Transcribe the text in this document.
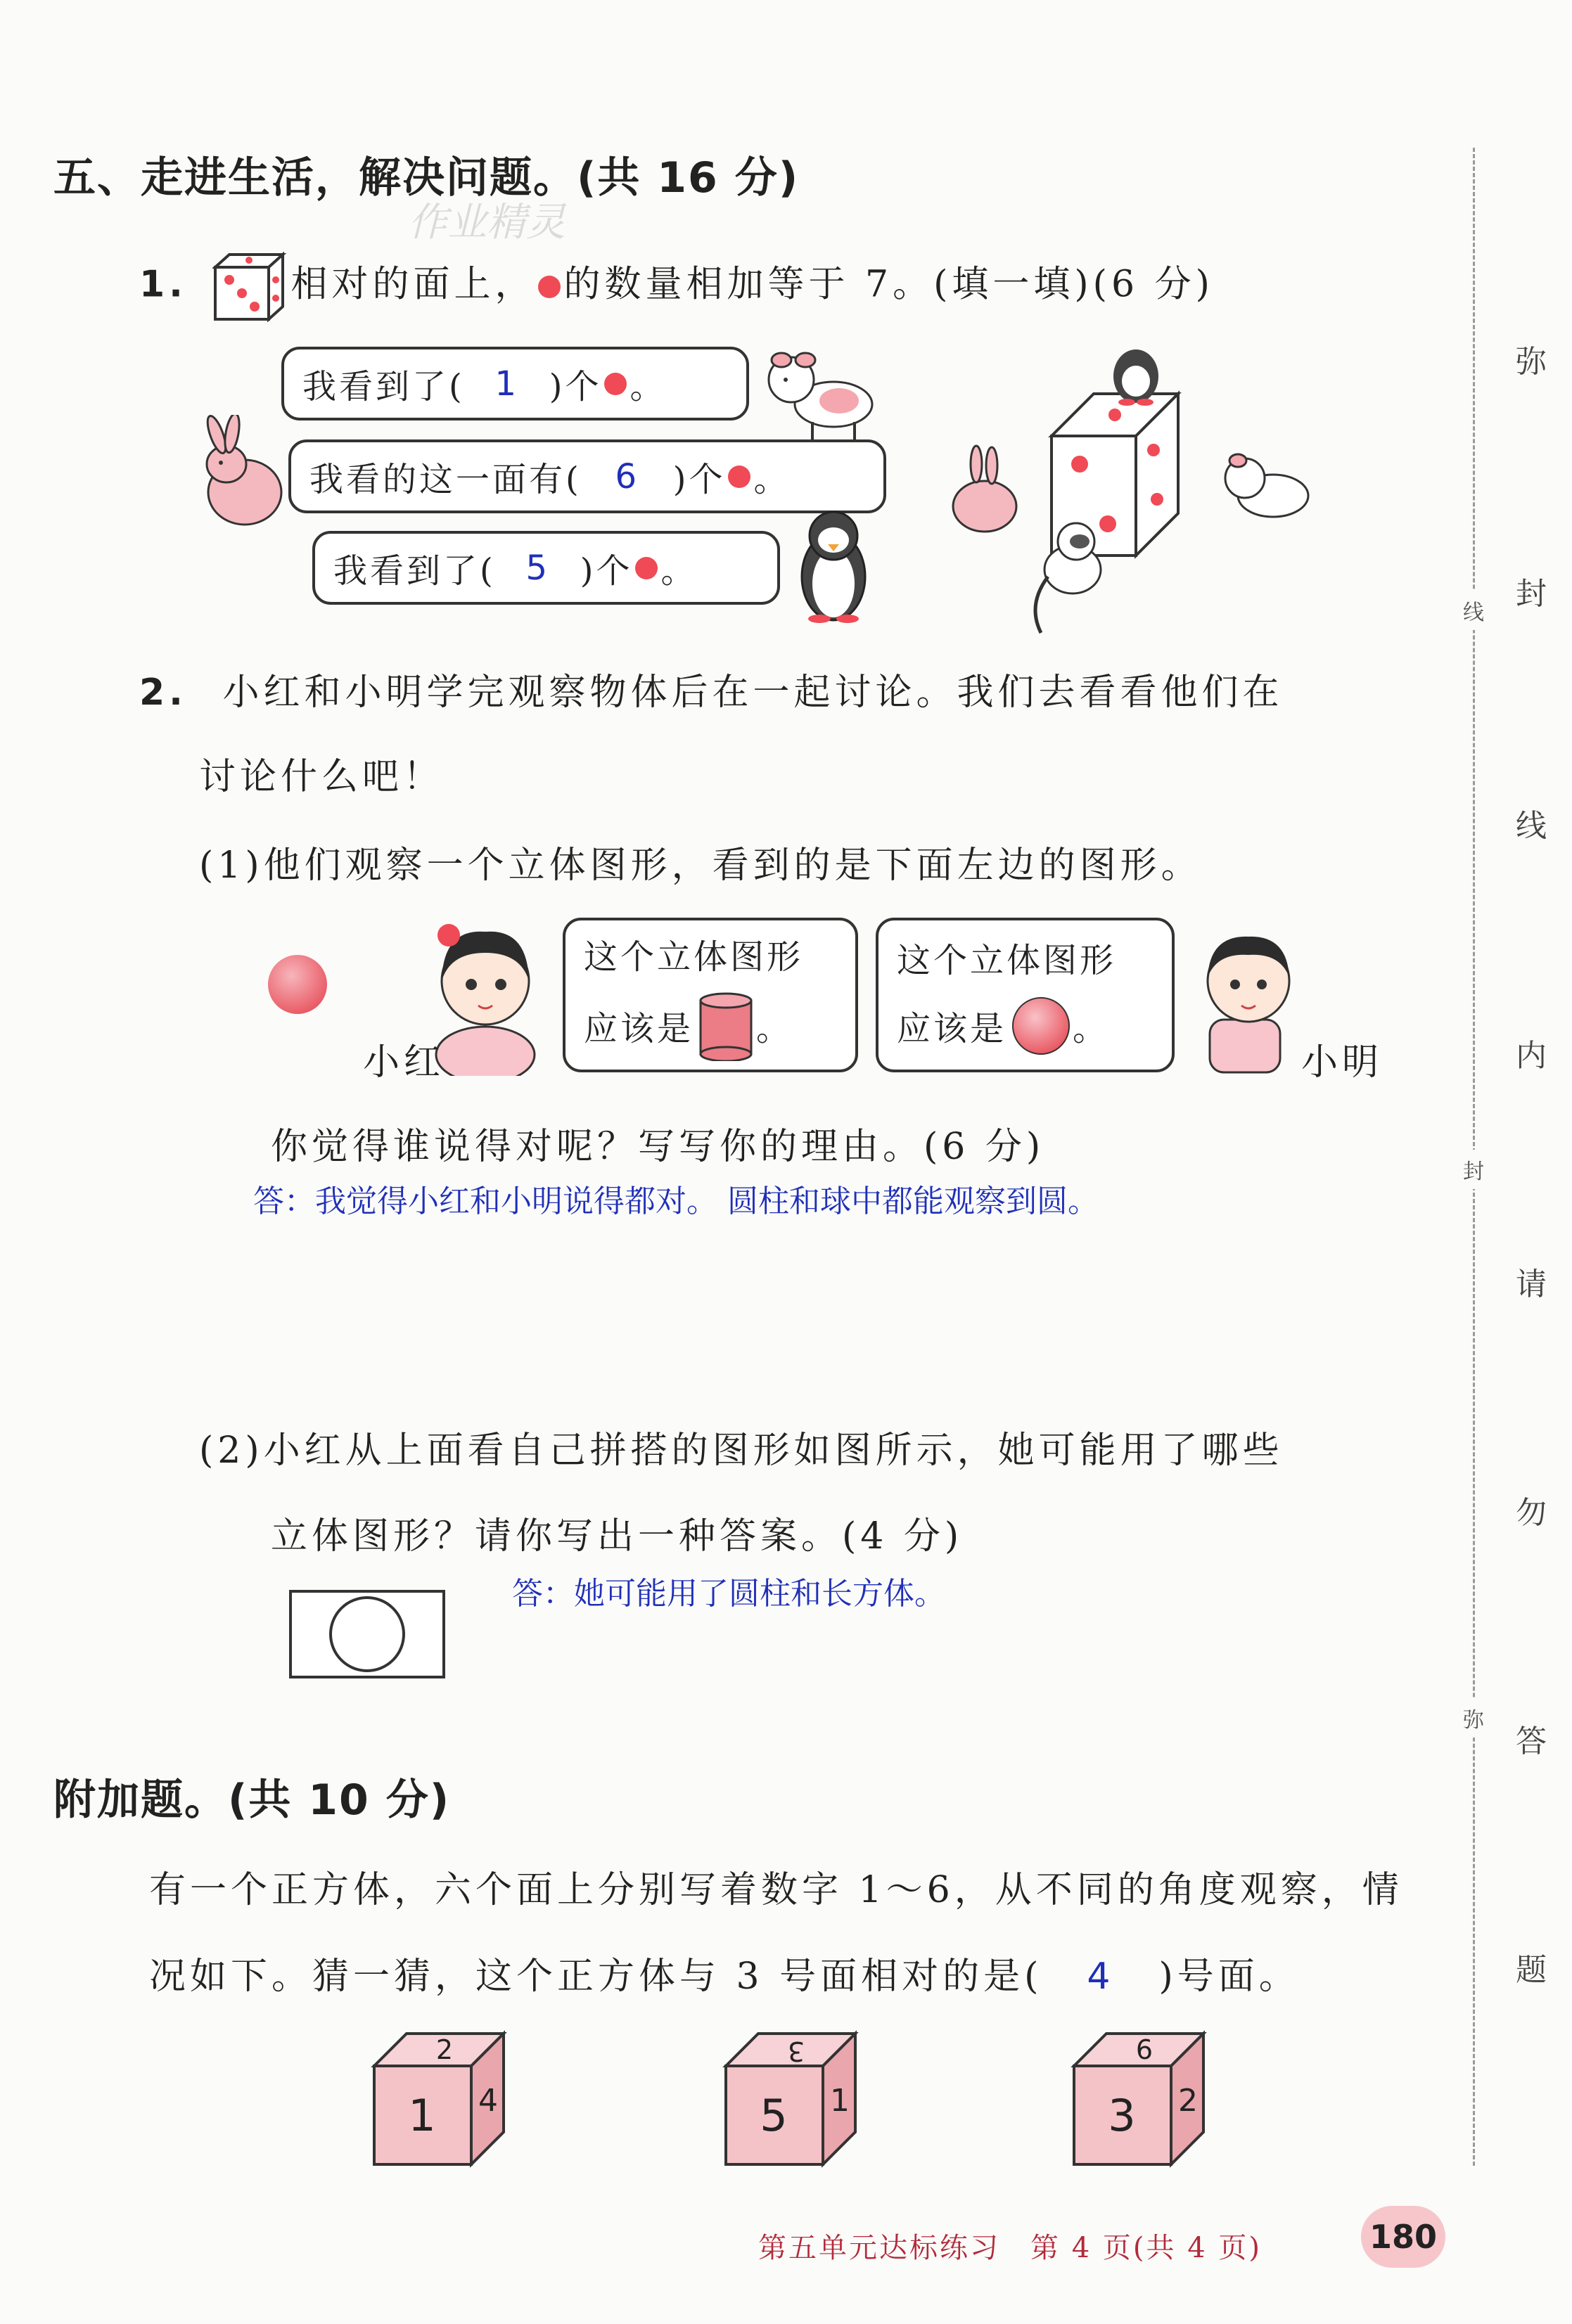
五、走进生活，解决问题。(共 16 分)
作业精灵
1.	相对的面上， 的数量相加等于 7。(填一填)(6 分)
我看到了( 1 )个 。
我看的这一面有( 6 )个 。
我看到了( 5 )个 。
2. 小红和小明学完观察物体后在一起讨论。我们去看看他们在
讨论什么吧！
(1)他们观察一个立体图形，看到的是下面左边的图形。
小红
这个立体图形
应该是 。
这个立体图形
应该是 。
小明
你觉得谁说得对呢？写写你的理由。(6 分)
答：我觉得小红和小明说得都对。 圆柱和球中都能观察到圆。
(2)小红从上面看自己拼搭的图形如图所示，她可能用了哪些
立体图形？请你写出一种答案。(4 分)
答：她可能用了圆柱和长方体。
附加题。(共 10 分)
有一个正方体，六个面上分别写着数字 1～6，从不同的角度观察，情
况如下。猜一猜，这个正方体与 3 号面相对的是( 4 )号面。
2
1 4
3
5 1
6
3 2
线
封
弥
弥
封
线
内
请
勿
答
题
第五单元达标练习　第 4 页(共 4 页)	180
